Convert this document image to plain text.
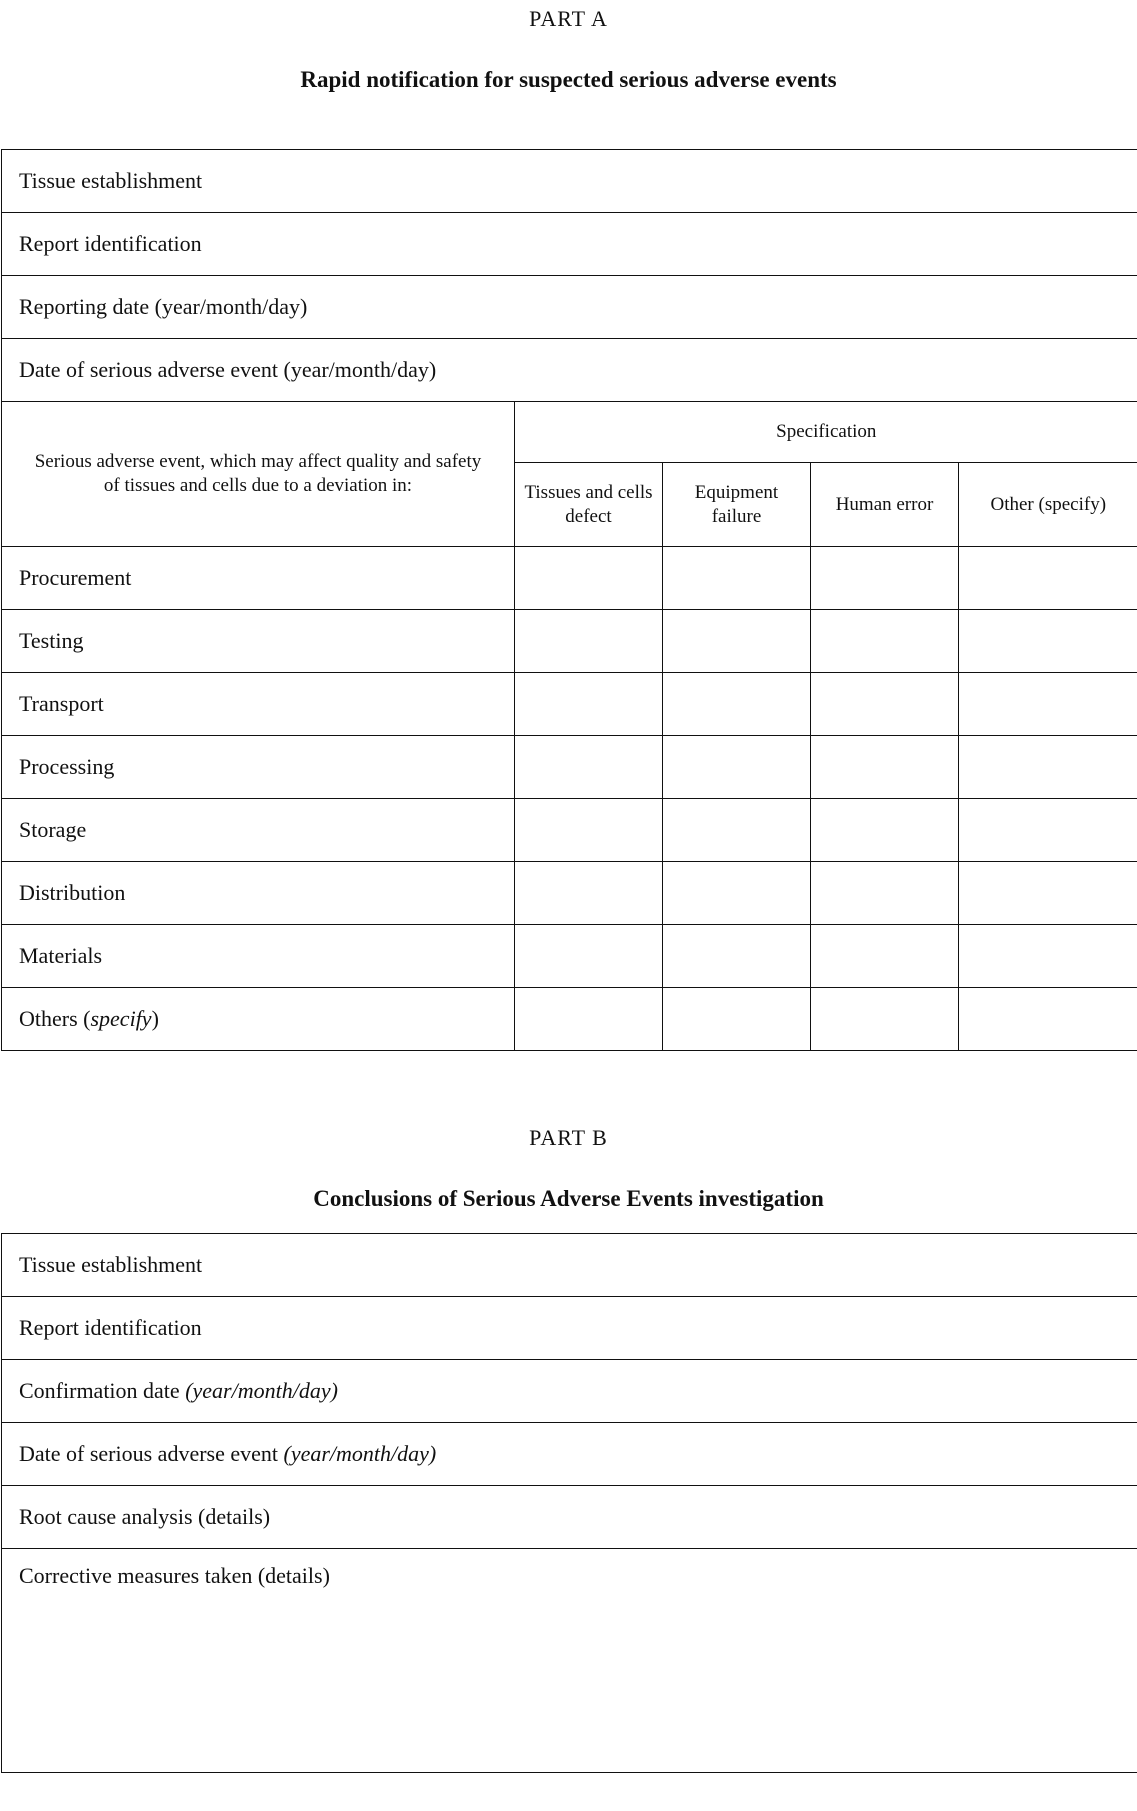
PART A
Rapid notification for suspected serious adverse events
Tissue establishment				
Report identification				
Reporting date (year/month/day)				
Date of serious adverse event (year/month/day)				
Serious adverse event, which may affect quality and safety of tissues and cells due to a deviation in:	Specification			
	Tissues and cells defect	Equipment failure	Human error	Other (specify)
Procurement				
Testing				
Transport				
Processing				
Storage				
Distribution				
Materials				
Others (specify)				
PART B
Conclusions of Serious Adverse Events investigation
Tissue establishment
Report identification
Confirmation date (year/month/day)
Date of serious adverse event (year/month/day)
Root cause analysis (details)
Corrective measures taken (details)
